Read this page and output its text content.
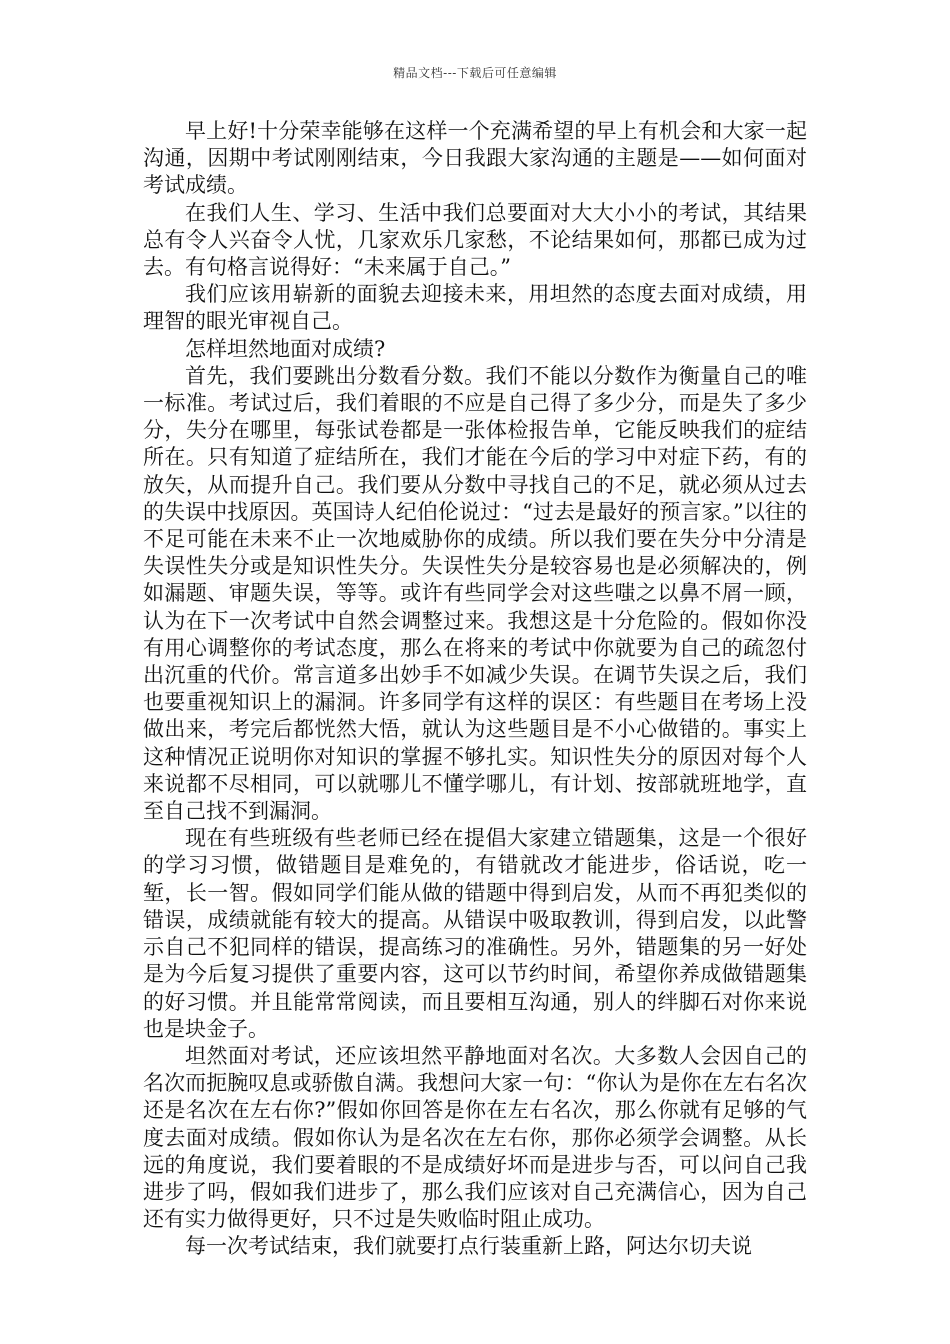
精品文档---下载后可任意编辑

早上好!十分荣幸能够在这样一个充满希望的早上有机会和大家一起沟通，因期中考试刚刚结束，今日我跟大家沟通的主题是——如何面对考试成绩。

在我们人生、学习、生活中我们总要面对大大小小的考试，其结果总有令人兴奋令人忧，几家欢乐几家愁，不论结果如何，那都已成为过去。有句格言说得好：“未来属于自己。”

我们应该用崭新的面貌去迎接未来，用坦然的态度去面对成绩，用理智的眼光审视自己。

怎样坦然地面对成绩?

首先，我们要跳出分数看分数。我们不能以分数作为衡量自己的唯一标准。考试过后，我们着眼的不应是自己得了多少分，而是失了多少分，失分在哪里，每张试卷都是一张体检报告单，它能反映我们的症结所在。只有知道了症结所在，我们才能在今后的学习中对症下药，有的放矢，从而提升自己。我们要从分数中寻找自己的不足，就必须从过去的失误中找原因。英国诗人纪伯伦说过：“过去是最好的预言家。”以往的不足可能在未来不止一次地威胁你的成绩。所以我们要在失分中分清是失误性失分或是知识性失分。失误性失分是较容易也是必须解决的，例如漏题、审题失误，等等。或许有些同学会对这些嗤之以鼻不屑一顾，认为在下一次考试中自然会调整过来。我想这是十分危险的。假如你没有用心调整你的考试态度，那么在将来的考试中你就要为自己的疏忽付出沉重的代价。常言道多出妙手不如减少失误。在调节失误之后，我们也要重视知识上的漏洞。许多同学有这样的误区：有些题目在考场上没做出来，考完后都恍然大悟，就认为这些题目是不小心做错的。事实上这种情况正说明你对知识的掌握不够扎实。知识性失分的原因对每个人来说都不尽相同，可以就哪儿不懂学哪儿，有计划、按部就班地学，直至自己找不到漏洞。

现在有些班级有些老师已经在提倡大家建立错题集，这是一个很好的学习习惯，做错题目是难免的，有错就改才能进步，俗话说，吃一堑，长一智。假如同学们能从做的错题中得到启发，从而不再犯类似的错误，成绩就能有较大的提高。从错误中吸取教训，得到启发，以此警示自己不犯同样的错误，提高练习的准确性。另外，错题集的另一好处是为今后复习提供了重要内容，这可以节约时间，希望你养成做错题集的好习惯。并且能常常阅读，而且要相互沟通，别人的绊脚石对你来说也是块金子。

坦然面对考试，还应该坦然平静地面对名次。大多数人会因自己的名次而扼腕叹息或骄傲自满。我想问大家一句：“你认为是你在左右名次还是名次在左右你?”假如你回答是你在左右名次，那么你就有足够的气度去面对成绩。假如你认为是名次在左右你，那你必须学会调整。从长远的角度说，我们要着眼的不是成绩好坏而是进步与否，可以问自己我进步了吗，假如我们进步了，那么我们应该对自己充满信心，因为自己还有实力做得更好，只不过是失败临时阻止成功。

每一次考试结束，我们就要打点行装重新上路，阿达尔切夫说
